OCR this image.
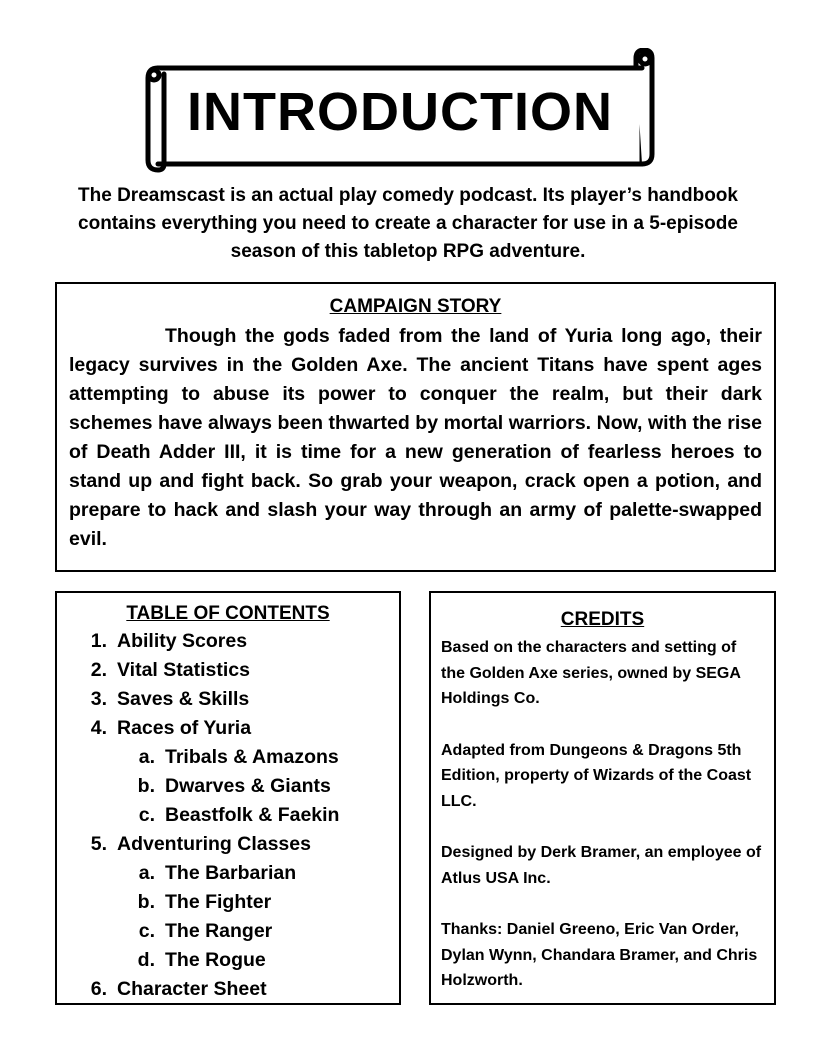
INTRODUCTION
The Dreamscast is an actual play comedy podcast. Its player’s handbook contains everything you need to create a character for use in a 5-episode season of this tabletop RPG adventure.
CAMPAIGN STORY
Though the gods faded from the land of Yuria long ago, their legacy survives in the Golden Axe. The ancient Titans have spent ages attempting to abuse its power to conquer the realm, but their dark schemes have always been thwarted by mortal warriors. Now, with the rise of Death Adder III, it is time for a new generation of fearless heroes to stand up and fight back. So grab your weapon, crack open a potion, and prepare to hack and slash your way through an army of palette-swapped evil.
TABLE OF CONTENTS
1. Ability Scores
2. Vital Statistics
3. Saves & Skills
4. Races of Yuria
a. Tribals & Amazons
b. Dwarves & Giants
c. Beastfolk & Faekin
5. Adventuring Classes
a. The Barbarian
b. The Fighter
c. The Ranger
d. The Rogue
6. Character Sheet
CREDITS

Based on the characters and setting of the Golden Axe series, owned by SEGA Holdings Co.

Adapted from Dungeons & Dragons 5th Edition, property of Wizards of the Coast LLC.

Designed by Derk Bramer, an employee of Atlus USA Inc.

Thanks: Daniel Greeno, Eric Van Order, Dylan Wynn, Chandara Bramer, and Chris Holzworth.
